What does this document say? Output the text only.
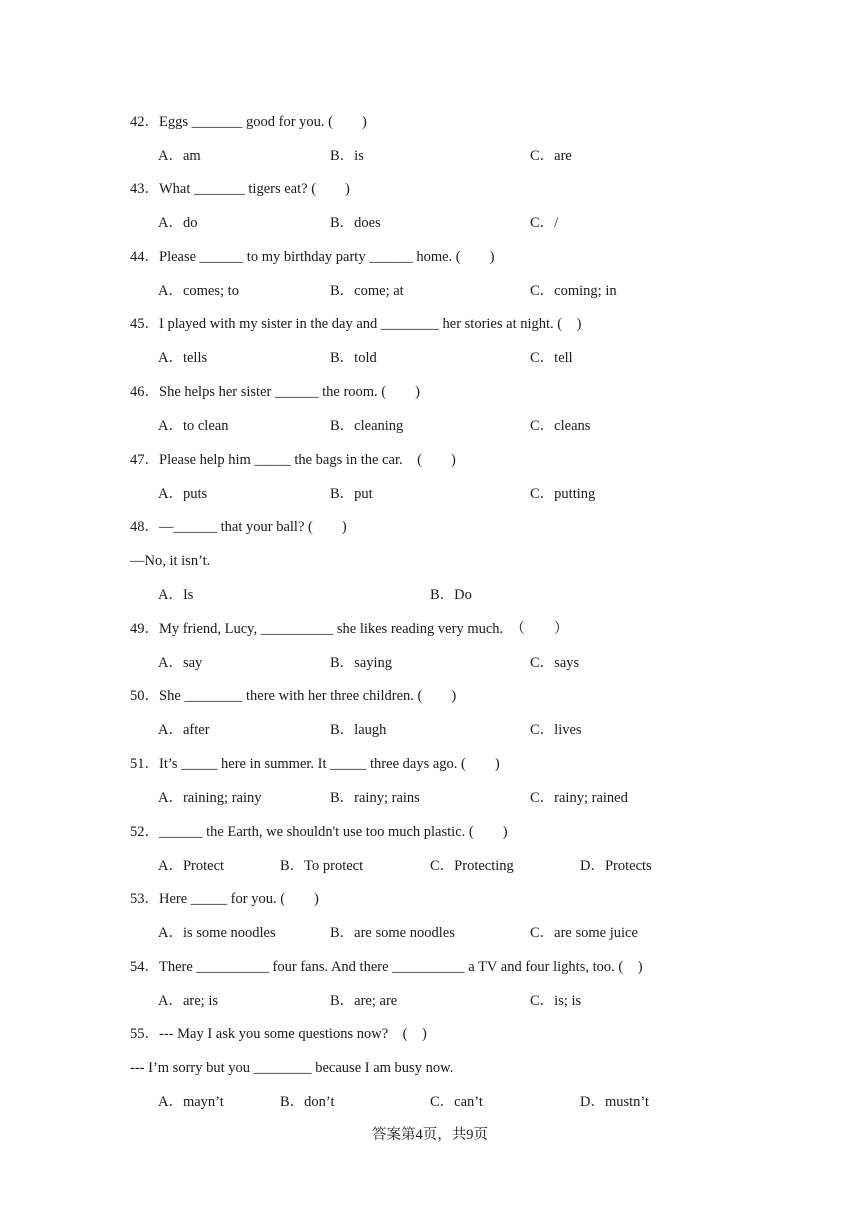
42．Eggs _______ good for you. (　　)
A．am	B．is	C．are
43．What _______ tigers eat? (　　)
A．do	B．does	C．/
44．Please ______ to my birthday party ______ home. (　　)
A．comes; to	B．come; at	C．coming; in
45．I played with my sister in the day and ________ her stories at night. (　)
A．tells	B．told	C．tell
46．She helps her sister ______ the room. (　　)
A．to clean	B．cleaning	C．cleans
47．Please help him _____ the bags in the car.　(　　)
A．puts	B．put	C．putting
48．—______ that your ball? (　　)
—No, it isn’t.
A．Is	B．Do
49．My friend, Lucy, __________ she likes reading very much.　（　　）
A．say	B．saying	C．says
50．She ________ there with her three children. (　　)
A．after	B．laugh	C．lives
51．It’s _____ here in summer. It _____ three days ago. (　　)
A．raining; rainy	B．rainy; rains	C．rainy; rained
52．______ the Earth, we shouldn't use too much plastic. (　　)
A．Protect	B．To protect	C．Protecting	D．Protects
53．Here _____ for you. (　　)
A．is some noodles	B．are some noodles	C．are some juice
54．There __________ four fans. And there __________ a TV and four lights, too. (　)
A．are; is	B．are; are	C．is; is
55．--- May I ask you some questions now?　(　)
--- I’m sorry but you ________ because I am busy now.
A．mayn’t	B．don’t	C．can’t	D．mustn’t
答案第4页，共9页
